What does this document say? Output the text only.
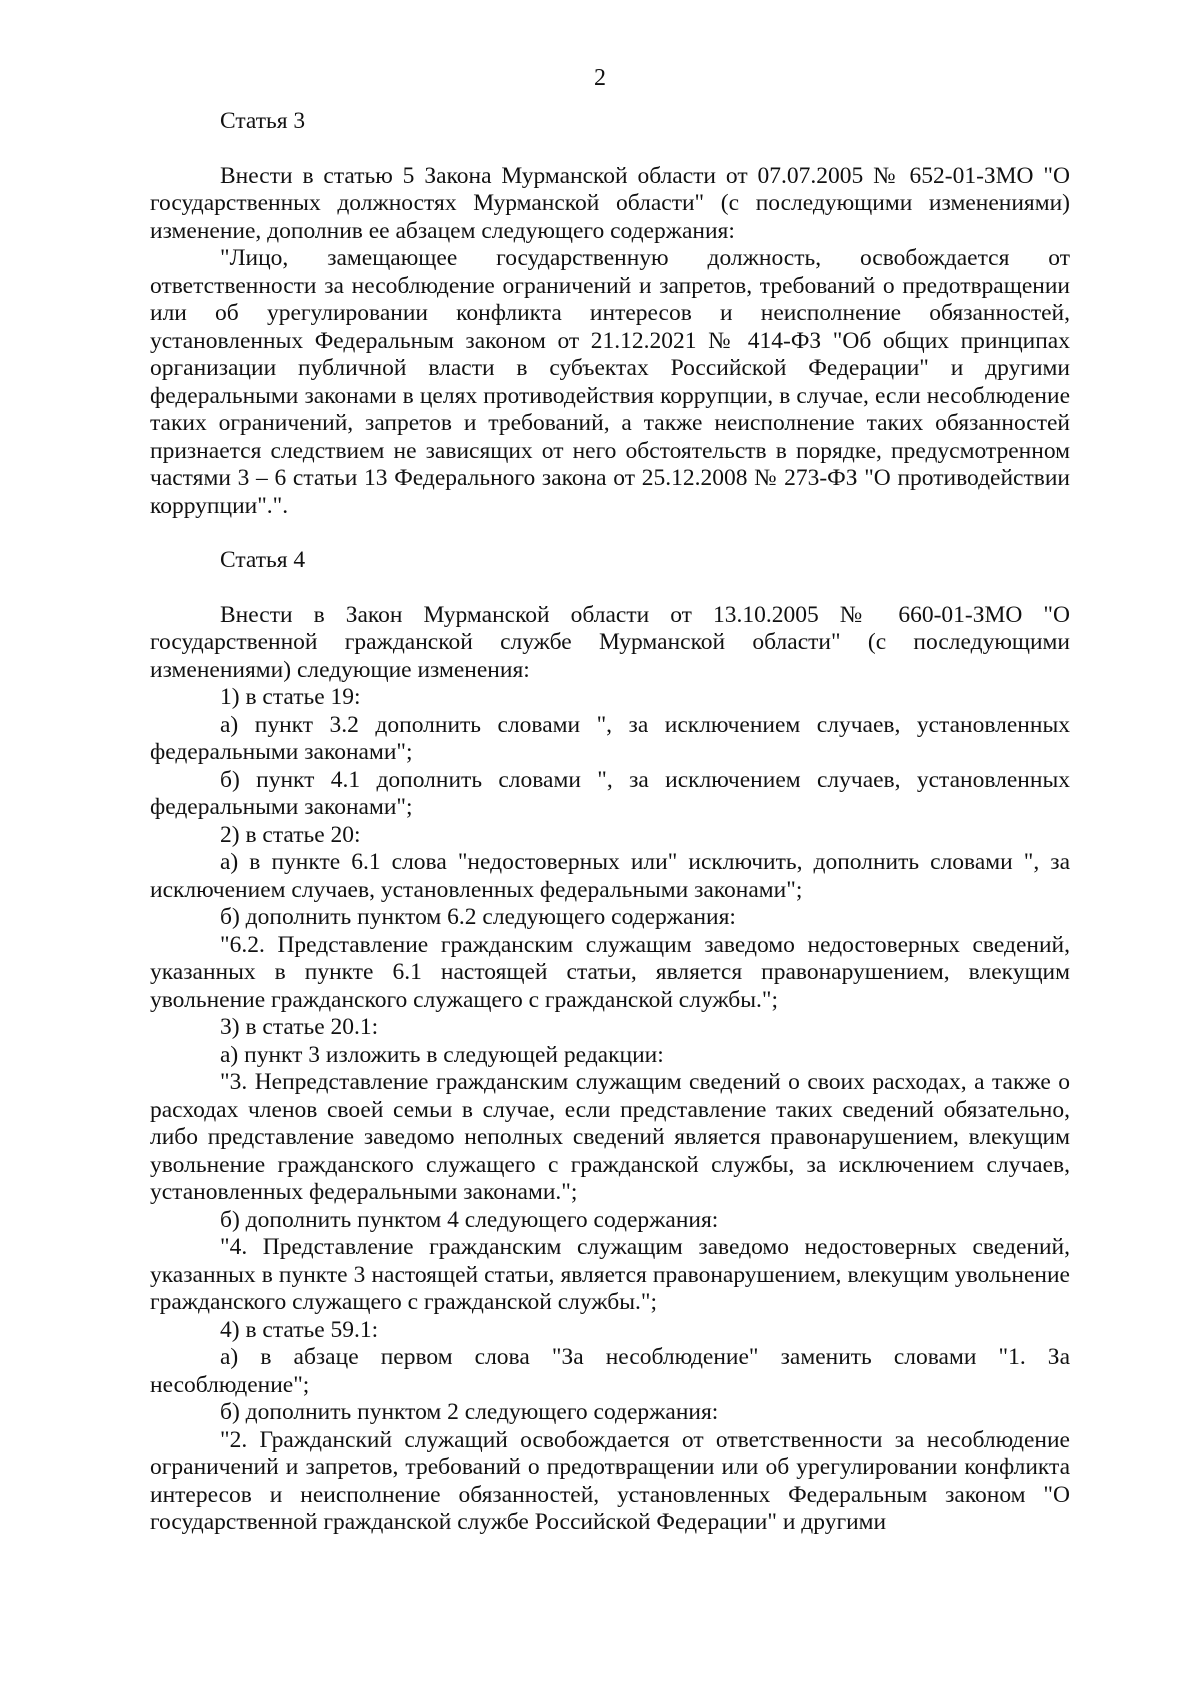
2

Статья 3

Внести в статью 5 Закона Мурманской области от 07.07.2005 № 652-01-ЗМО "О государственных должностях Мурманской области" (с последующими изменениями) изменение, дополнив ее абзацем следующего содержания:

"Лицо, замещающее государственную должность, освобождается от ответственности за несоблюдение ограничений и запретов, требований о предотвращении или об урегулировании конфликта интересов и неисполнение обязанностей, установленных Федеральным законом от 21.12.2021 № 414-ФЗ "Об общих принципах организации публичной власти в субъектах Российской Федерации" и другими федеральными законами в целях противодействия коррупции, в случае, если несоблюдение таких ограничений, запретов и требований, а также неисполнение таких обязанностей признается следствием не зависящих от него обстоятельств в порядке, предусмотренном частями 3 – 6 статьи 13 Федерального закона от 25.12.2008 № 273-ФЗ "О противодействии коррупции".".

Статья 4

Внести в Закон Мурманской области от 13.10.2005 № 660-01-ЗМО "О государственной гражданской службе Мурманской области" (с последующими изменениями) следующие изменения:

1) в статье 19:

а) пункт 3.2 дополнить словами ", за исключением случаев, установленных федеральными законами";

б) пункт 4.1 дополнить словами ", за исключением случаев, установленных федеральными законами";

2) в статье 20:

а) в пункте 6.1 слова "недостоверных или" исключить, дополнить словами ", за исключением случаев, установленных федеральными законами";

б) дополнить пунктом 6.2 следующего содержания:

"6.2. Представление гражданским служащим заведомо недостоверных сведений, указанных в пункте 6.1 настоящей статьи, является правонарушением, влекущим увольнение гражданского служащего с гражданской службы.";

3) в статье 20.1:

а) пункт 3 изложить в следующей редакции:

"3. Непредставление гражданским служащим сведений о своих расходах, а также о расходах членов своей семьи в случае, если представление таких сведений обязательно, либо представление заведомо неполных сведений является правонарушением, влекущим увольнение гражданского служащего с гражданской службы, за исключением случаев, установленных федеральными законами.";

б) дополнить пунктом 4 следующего содержания:

"4. Представление гражданским служащим заведомо недостоверных сведений, указанных в пункте 3 настоящей статьи, является правонарушением, влекущим увольнение гражданского служащего с гражданской службы.";

4) в статье 59.1:

а) в абзаце первом слова "За несоблюдение" заменить словами "1. За несоблюдение";

б) дополнить пунктом 2 следующего содержания:

"2. Гражданский служащий освобождается от ответственности за несоблюдение ограничений и запретов, требований о предотвращении или об урегулировании конфликта интересов и неисполнение обязанностей, установленных Федеральным законом "О государственной гражданской службе Российской Федерации" и другими
